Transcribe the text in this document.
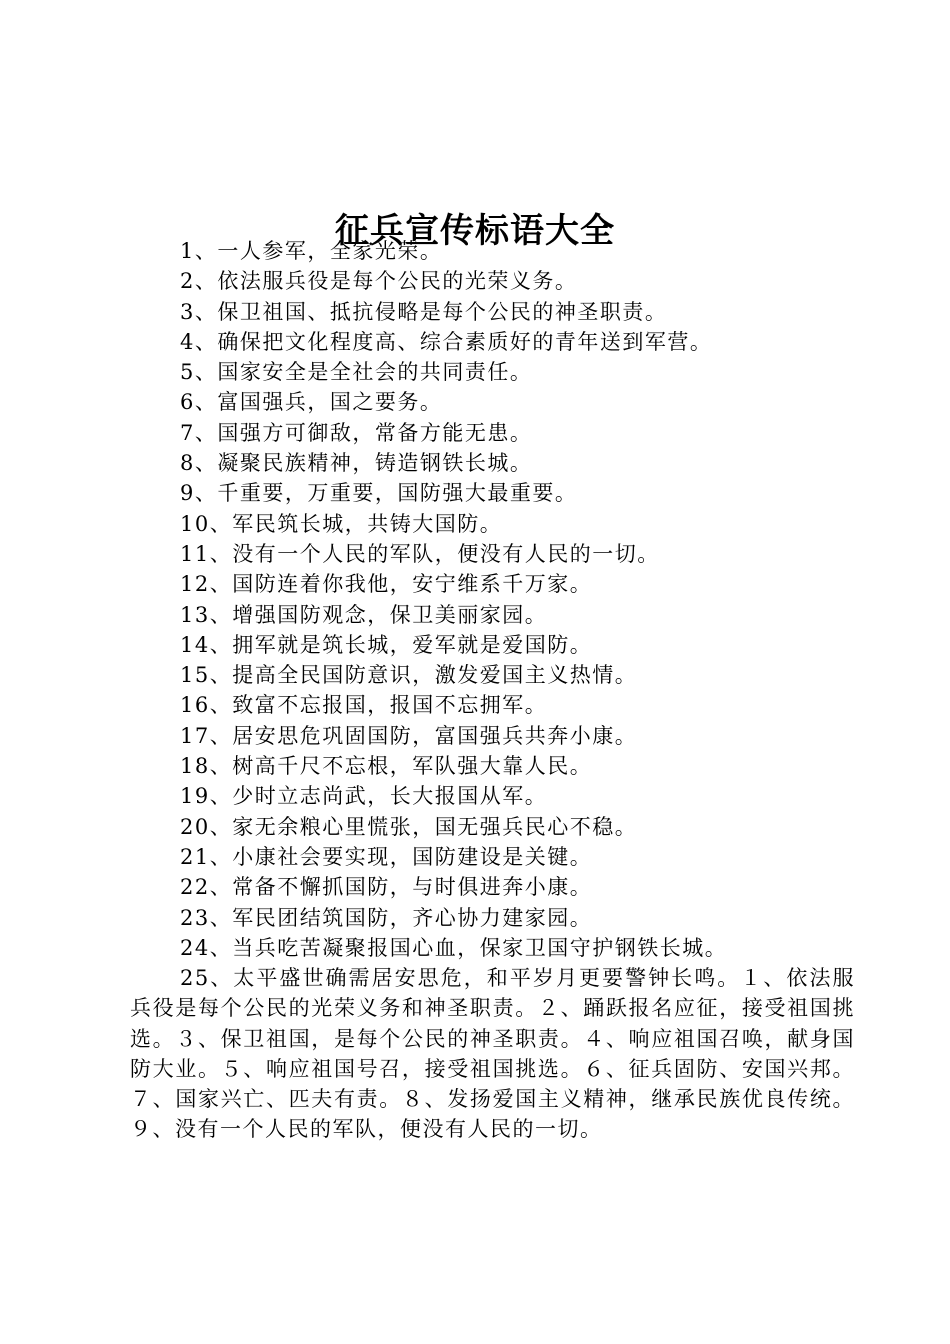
征兵宣传标语大全
1、一人参军，全家光荣。
2、依法服兵役是每个公民的光荣义务。
3、保卫祖国、抵抗侵略是每个公民的神圣职责。
4、确保把文化程度高、综合素质好的青年送到军营。
5、国家安全是全社会的共同责任。
6、富国强兵，国之要务。
7、国强方可御敌，常备方能无患。
8、凝聚民族精神，铸造钢铁长城。
9、千重要，万重要，国防强大最重要。
10、军民筑长城，共铸大国防。
11、没有一个人民的军队，便没有人民的一切。
12、国防连着你我他，安宁维系千万家。
13、增强国防观念，保卫美丽家园。
14、拥军就是筑长城，爱军就是爱国防。
15、提高全民国防意识，激发爱国主义热情。
16、致富不忘报国，报国不忘拥军。
17、居安思危巩固国防，富国强兵共奔小康。
18、树高千尺不忘根，军队强大靠人民。
19、少时立志尚武，长大报国从军。
20、家无余粮心里慌张，国无强兵民心不稳。
21、小康社会要实现，国防建设是关键。
22、常备不懈抓国防，与时俱进奔小康。
23、军民团结筑国防，齐心协力建家园。
24、当兵吃苦凝聚报国心血，保家卫国守护钢铁长城。

25、太平盛世确需居安思危，和平岁月更要警钟长鸣。１、依法服兵役是每个公民的光荣义务和神圣职责。２、踊跃报名应征，接受祖国挑选。３、保卫祖国，是每个公民的神圣职责。４、响应祖国召唤，献身国防大业。５、响应祖国号召，接受祖国挑选。６、征兵固防、安国兴邦。７、国家兴亡、匹夫有责。８、发扬爱国主义精神，继承民族优良传统。９、没有一个人民的军队，便没有人民的一切。
